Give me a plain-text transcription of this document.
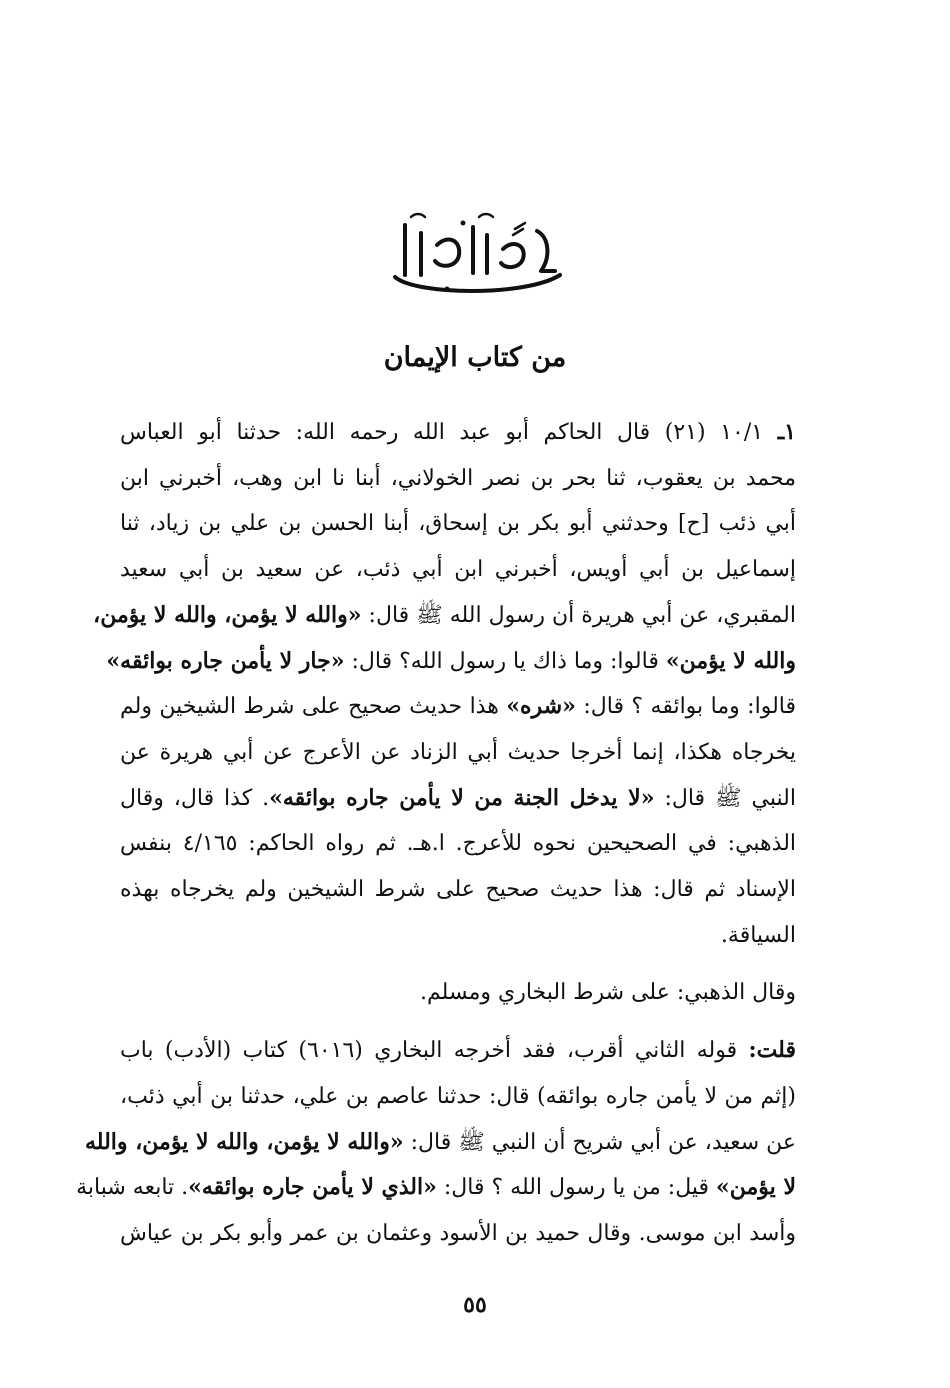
من كتاب الإيمان

١ـ ١٠/١ (٢١) قال الحاكم أبو عبد الله رحمه الله: حدثنا أبو العباس
محمد بن يعقوب، ثنا بحر بن نصر الخولاني، أبنا نا ابن وهب، أخبرني ابن
أبي ذئب [ح] وحدثني أبو بكر بن إسحاق، أبنا الحسن بن علي بن زياد، ثنا
إسماعيل بن أبي أويس، أخبرني ابن أبي ذئب، عن سعيد بن أبي سعيد
المقبري، عن أبي هريرة أن رسول الله ﷺ قال: «والله لا يؤمن، والله لا يؤمن،
والله لا يؤمن» قالوا: وما ذاك يا رسول الله؟ قال: «جار لا يأمن جاره بوائقه»
قالوا: وما بوائقه ؟ قال: «شره» هذا حديث صحيح على شرط الشيخين ولم
يخرجاه هكذا، إنما أخرجا حديث أبي الزناد عن الأعرج عن أبي هريرة عن
النبي ﷺ قال: «لا يدخل الجنة من لا يأمن جاره بوائقه». كذا قال، وقال
الذهبي: في الصحيحين نحوه للأعرج. ا.هـ. ثم رواه الحاكم: ٤/١٦٥ بنفس
الإسناد ثم قال: هذا حديث صحيح على شرط الشيخين ولم يخرجاه بهذه
السياقة.

وقال الذهبي: على شرط البخاري ومسلم.

قلت: قوله الثاني أقرب، فقد أخرجه البخاري (٦٠١٦) كتاب (الأدب) باب
(إثم من لا يأمن جاره بوائقه) قال: حدثنا عاصم بن علي، حدثنا بن أبي ذئب،
عن سعيد، عن أبي شريح أن النبي ﷺ قال: «والله لا يؤمن، والله لا يؤمن، والله
لا يؤمن» قيل: من يا رسول الله ؟ قال: «الذي لا يأمن جاره بوائقه». تابعه شبابة
وأسد ابن موسى. وقال حميد بن الأسود وعثمان بن عمر وأبو بكر بن عياش

٥٥
